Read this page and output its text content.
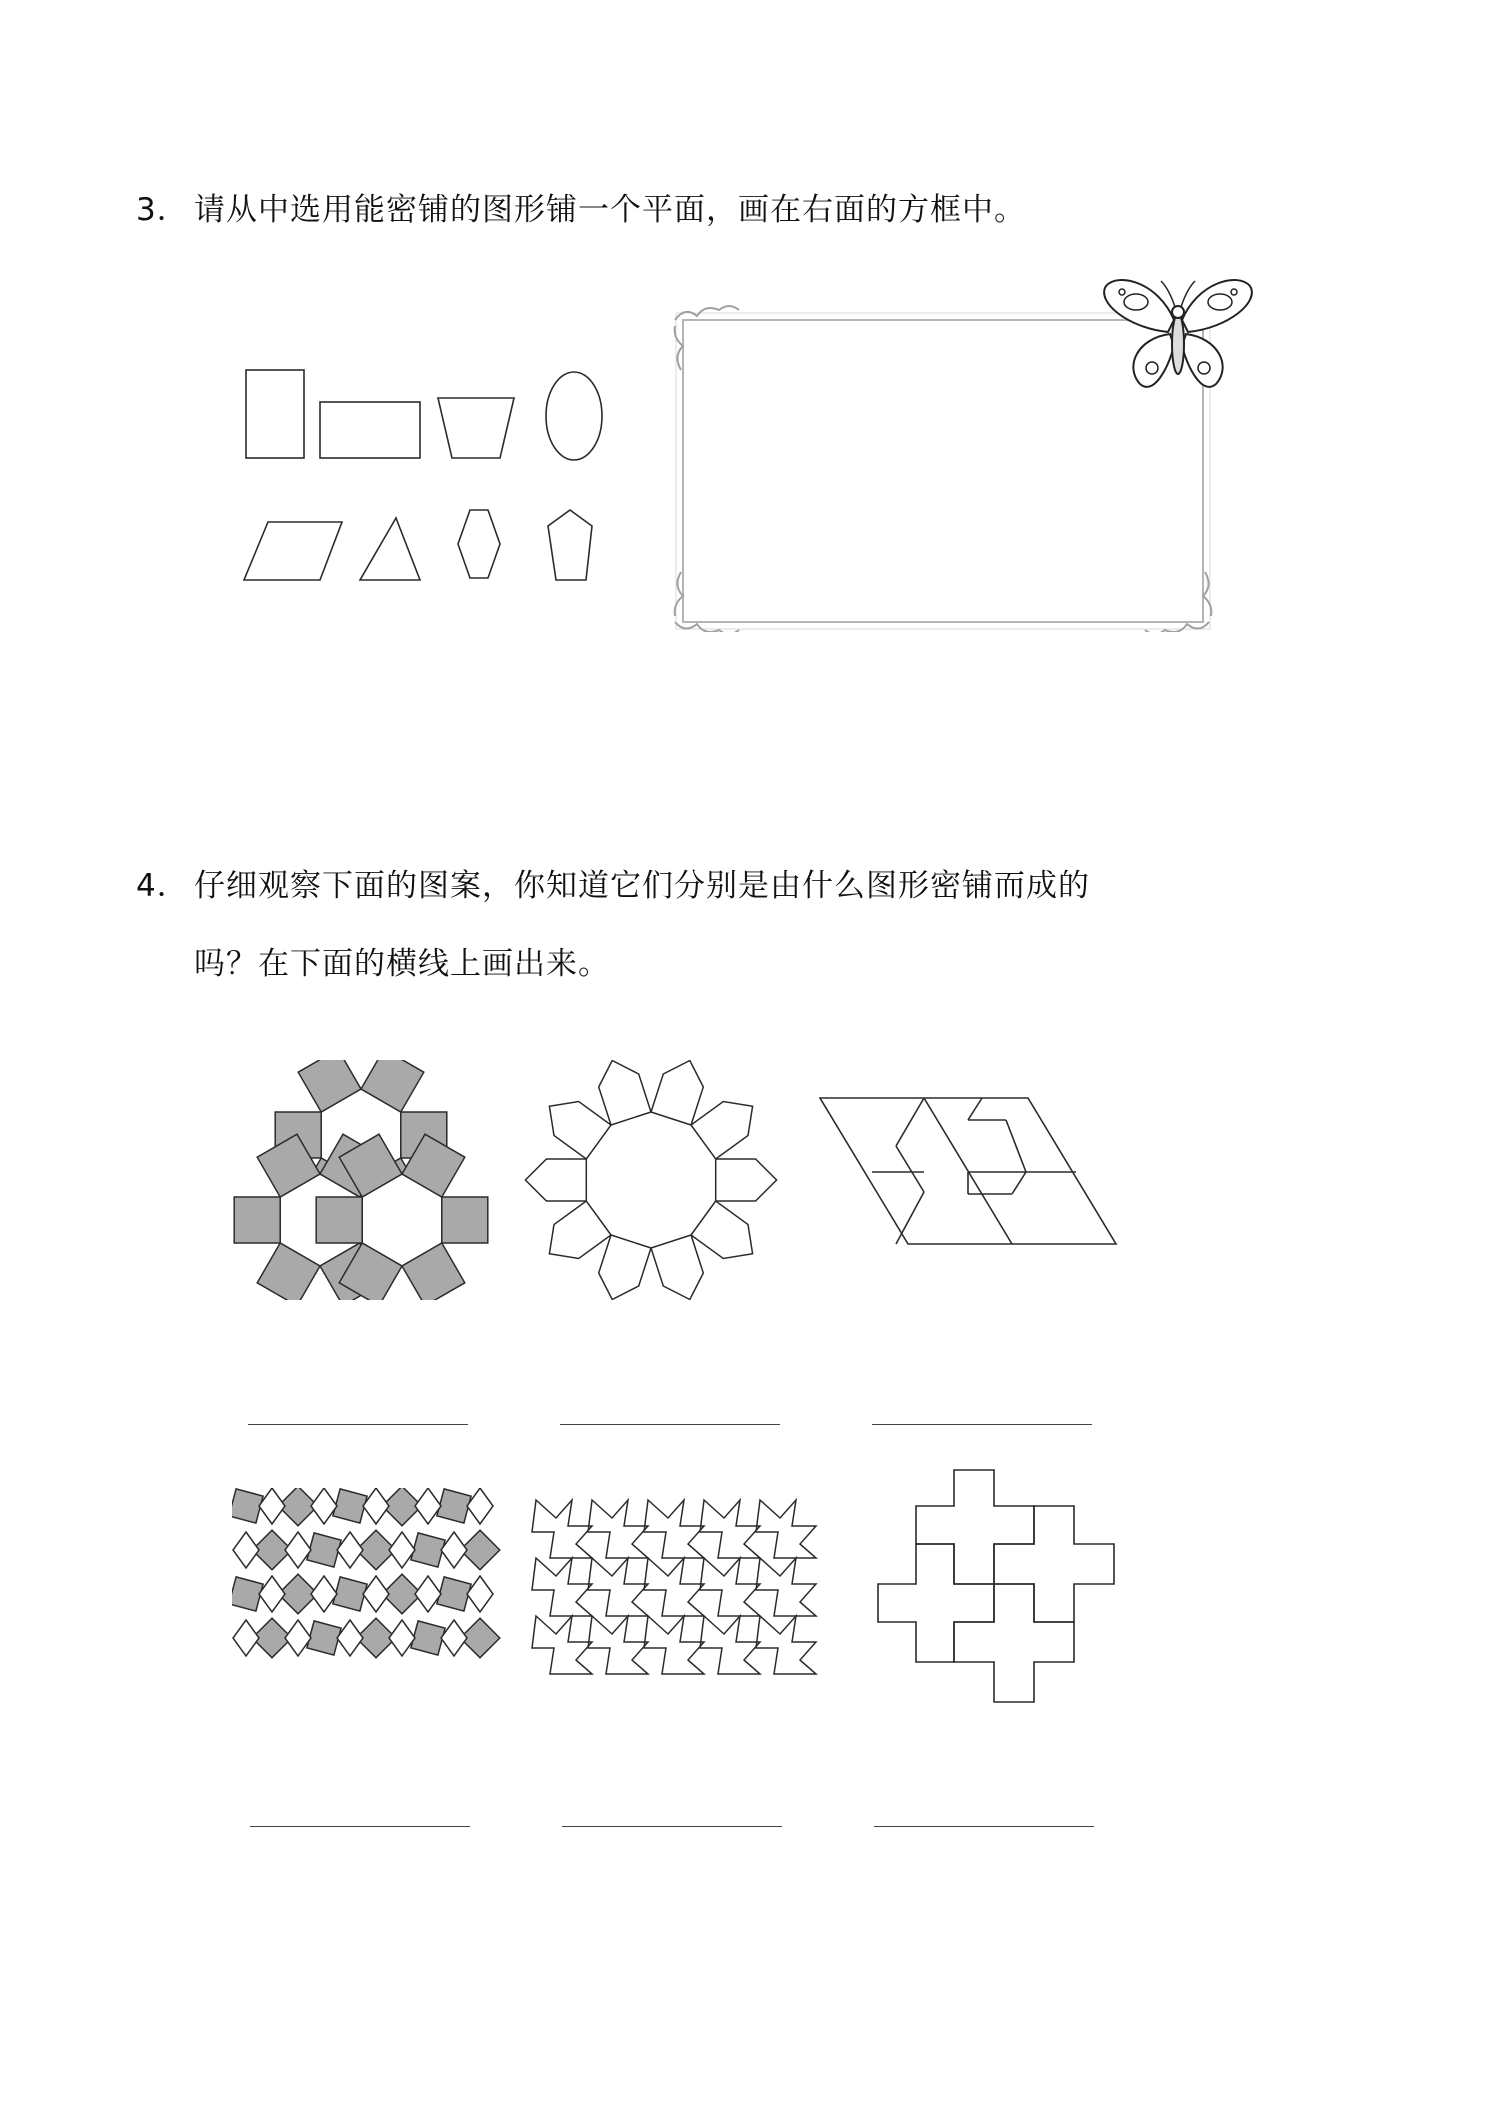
3． 请从中选用能密铺的图形铺一个平面，画在右面的方框中。
4． 仔细观察下面的图案，你知道它们分别是由什么图形密铺而成的
吗？在下面的横线上画出来。
